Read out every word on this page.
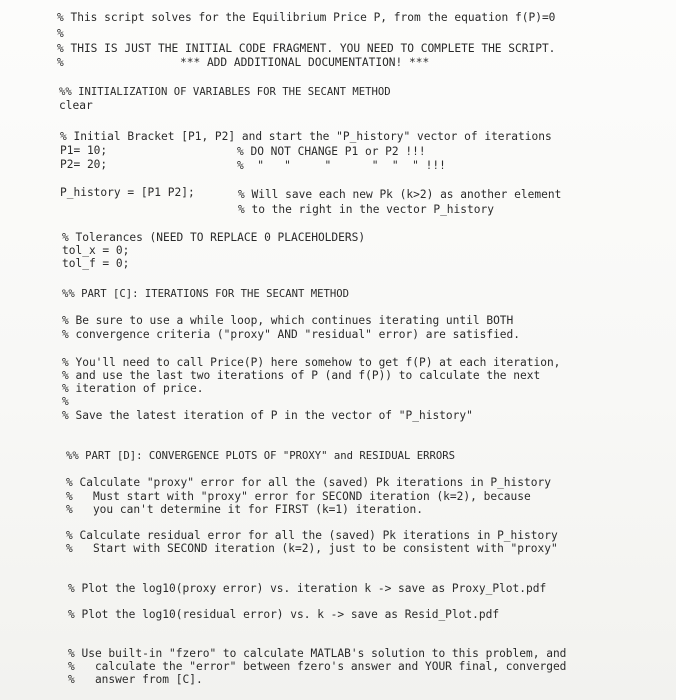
% This script solves for the Equilibrium Price P, from the equation f(P)=0
%
% THIS IS JUST THE INITIAL CODE FRAGMENT. YOU NEED TO COMPLETE THE SCRIPT.
%	*** ADD ADDITIONAL DOCUMENTATION! ***
%% INITIALIZATION OF VARIABLES FOR THE SECANT METHOD
clear
% Initial Bracket [P1, P2] and start the "P_history" vector of iterations
P1= 10;	% DO NOT CHANGE P1 or P2 !!!
P2= 20;	%  "   "     "      "  "  " !!!
P_history = [P1 P2];	% Will save each new Pk (k>2) as another element
% to the right in the vector P_history
% Tolerances (NEED TO REPLACE 0 PLACEHOLDERS)
tol_x = 0;
tol_f = 0;
%% PART [C]: ITERATIONS FOR THE SECANT METHOD
% Be sure to use a while loop, which continues iterating until BOTH
% convergence criteria ("proxy" AND "residual" error) are satisfied.
% You'll need to call Price(P) here somehow to get f(P) at each iteration,
% and use the last two iterations of P (and f(P)) to calculate the next
% iteration of price.
%
% Save the latest iteration of P in the vector of "P_history"
%% PART [D]: CONVERGENCE PLOTS OF "PROXY" and RESIDUAL ERRORS
% Calculate "proxy" error for all the (saved) Pk iterations in P_history
%   Must start with "proxy" error for SECOND iteration (k=2), because
%   you can't determine it for FIRST (k=1) iteration.
% Calculate residual error for all the (saved) Pk iterations in P_history
%   Start with SECOND iteration (k=2), just to be consistent with "proxy"
% Plot the log10(proxy error) vs. iteration k -> save as Proxy_Plot.pdf
% Plot the log10(residual error) vs. k -> save as Resid_Plot.pdf
% Use built-in "fzero" to calculate MATLAB's solution to this problem, and
%   calculate the "error" between fzero's answer and YOUR final, converged
%   answer from [C].
